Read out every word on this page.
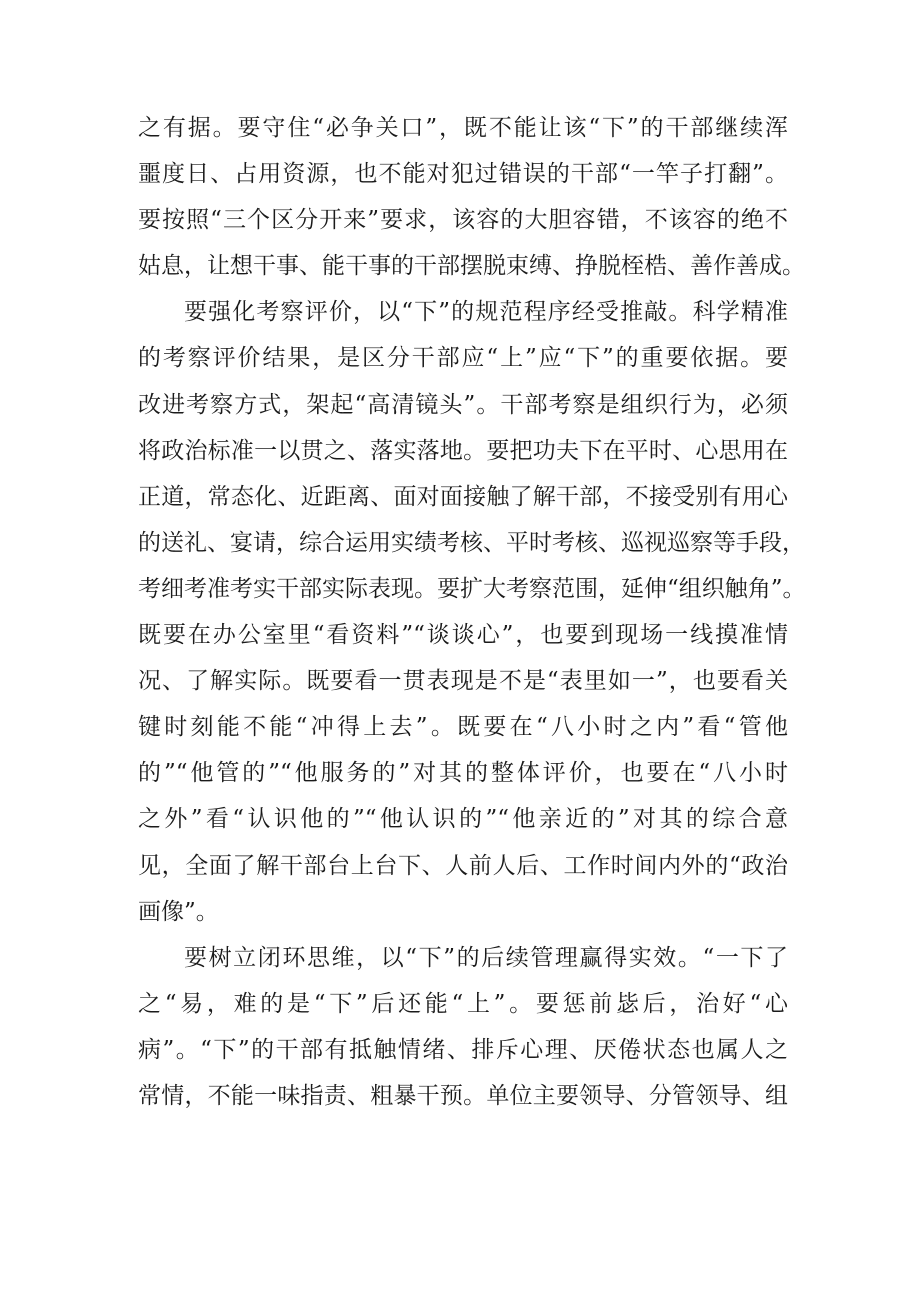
之有据。要守住“必争关口”，既不能让该“下”的干部继续浑
噩度日、占用资源，也不能对犯过错误的干部“一竿子打翻”。
要按照“三个区分开来”要求，该容的大胆容错，不该容的绝不
姑息，让想干事、能干事的干部摆脱束缚、挣脱桎梏、善作善成。
要强化考察评价，以“下”的规范程序经受推敲。科学精准
的考察评价结果，是区分干部应“上”应“下”的重要依据。要
改进考察方式，架起“高清镜头”。干部考察是组织行为，必须
将政治标准一以贯之、落实落地。要把功夫下在平时、心思用在
正道，常态化、近距离、面对面接触了解干部，不接受别有用心
的送礼、宴请，综合运用实绩考核、平时考核、巡视巡察等手段，
考细考准考实干部实际表现。要扩大考察范围，延伸“组织触角”。
既要在办公室里“看资料”“谈谈心”，也要到现场一线摸准情
况、了解实际。既要看一贯表现是不是“表里如一”，也要看关
键时刻能不能“冲得上去”。既要在“八小时之内”看“管他
的”“他管的”“他服务的”对其的整体评价，也要在“八小时
之外”看“认识他的”“他认识的”“他亲近的”对其的综合意
见，全面了解干部台上台下、人前人后、工作时间内外的“政治
画像”。
要树立闭环思维，以“下”的后续管理赢得实效。“一下了
之“易，难的是“下”后还能“上”。要惩前毖后，治好“心
病”。“下”的干部有抵触情绪、排斥心理、厌倦状态也属人之
常情，不能一味指责、粗暴干预。单位主要领导、分管领导、组
